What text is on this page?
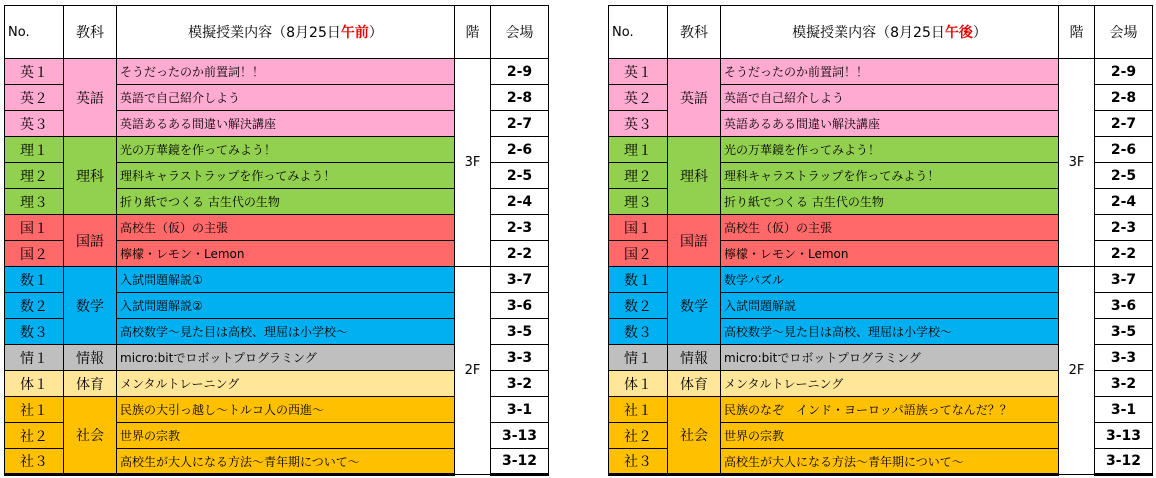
No.	教科	模擬授業内容（8月25日午前）	階	会場
英１	英語	そうだったのか前置詞！！	3F	2-9
英２		英語で自己紹介しよう		2-8
英３		英語あるある間違い解決講座		2-7
理１	理科	光の万華鏡を作ってみよう！		2-6
理２		理科キャラストラップを作ってみよう！		2-5
理３		折り紙でつくる 古生代の生物		2-4
国１	国語	高校生（仮）の主張		2-3
国２		檸檬・レモン・Lemon		2-2
数１	数学	入試問題解説①	2F	3-7
数２		入試問題解説②		3-6
数３		高校数学～見た目は高校、理屈は小学校～		3-5
情１	情報	micro:bitでロボットプログラミング		3-3
体１	体育	メンタルトレーニング		3-2
社１	社会	民族の大引っ越し～トルコ人の西進～		3-1
社２		世界の宗教		3-13
社３		高校生が大人になる方法～青年期について～		3-12
No.	教科	模擬授業内容（8月25日午後）	階	会場
英１	英語	そうだったのか前置詞！！	3F	2-9
英２		英語で自己紹介しよう		2-8
英３		英語あるある間違い解決講座		2-7
理１	理科	光の万華鏡を作ってみよう！		2-6
理２		理科キャラストラップを作ってみよう！		2-5
理３		折り紙でつくる 古生代の生物		2-4
国１	国語	高校生（仮）の主張		2-3
国２		檸檬・レモン・Lemon		2-2
数１	数学	数学パズル	2F	3-7
数２		入試問題解説		3-6
数３		高校数学～見た目は高校、理屈は小学校～		3-5
情１	情報	micro:bitでロボットプログラミング		3-3
体１	体育	メンタルトレーニング		3-2
社１	社会	民族のなぞ　インド・ヨーロッパ語族ってなんだ？？		3-1
社２		世界の宗教		3-13
社３		高校生が大人になる方法～青年期について～		3-12
